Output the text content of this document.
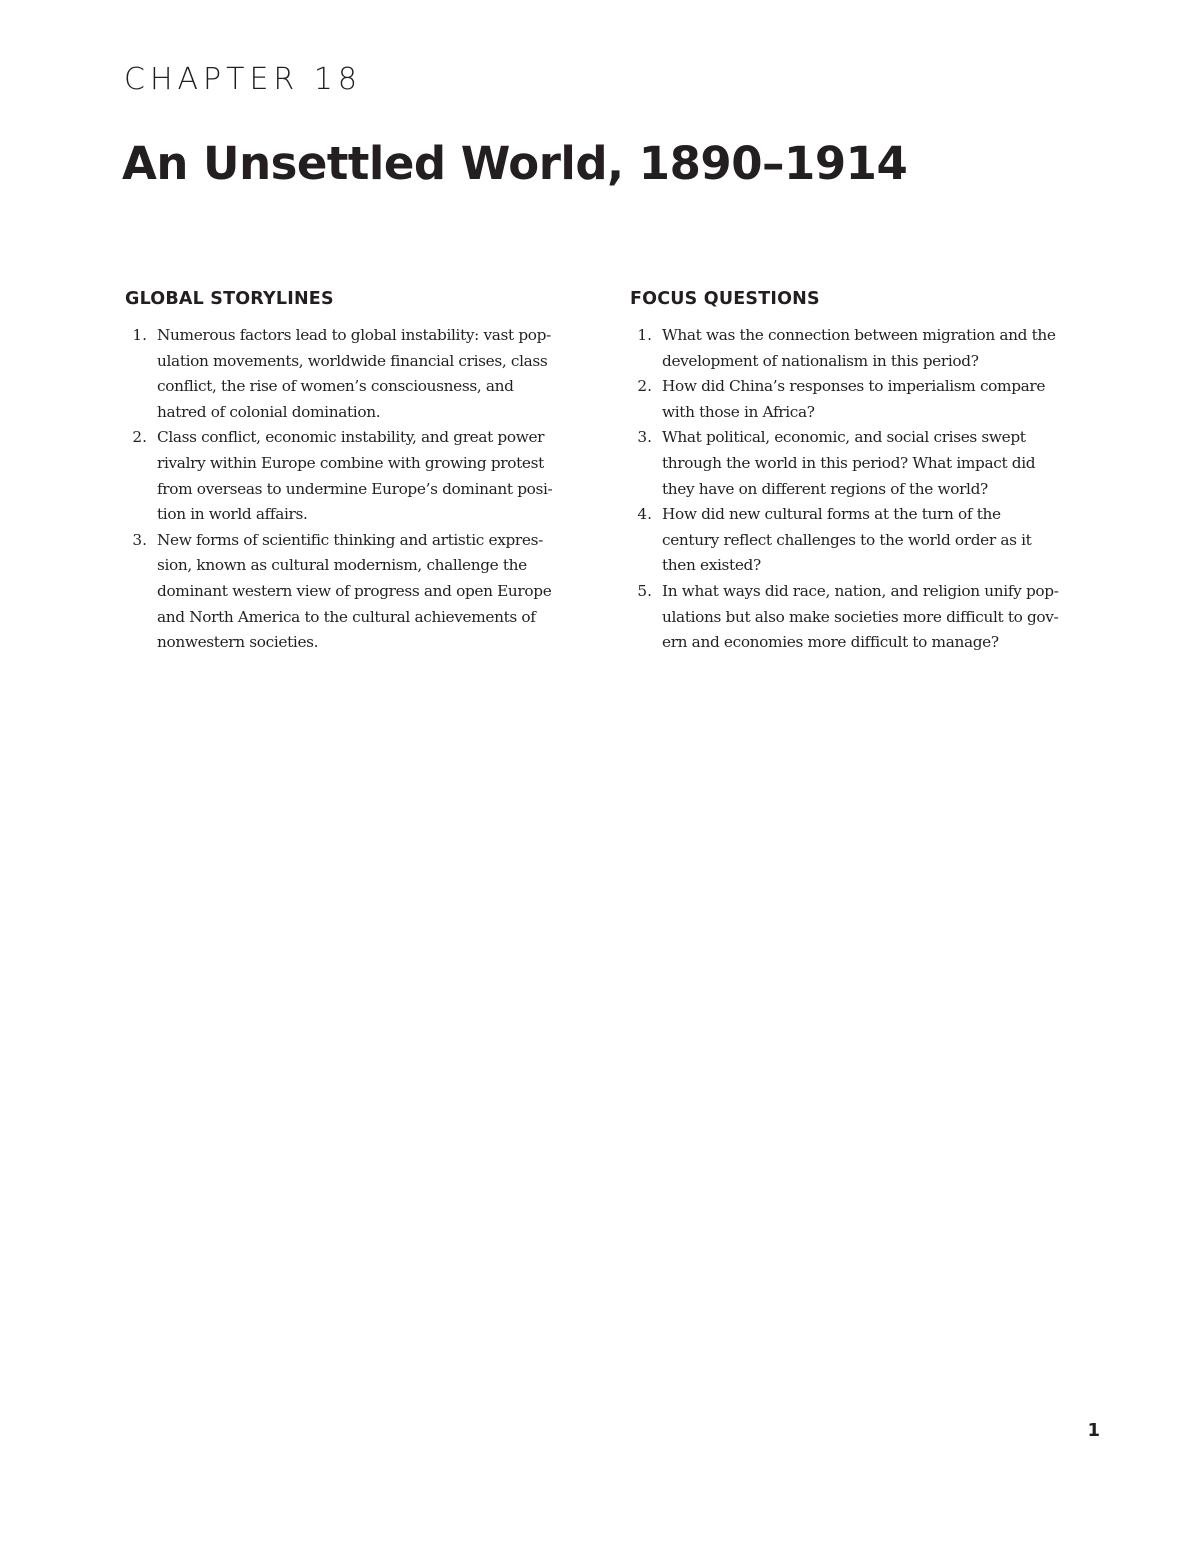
CHAPTER 18

An Unsettled World, 1890–1914
GLOBAL STORYLINES
1. Numerous factors lead to global instability: vast pop-
ulation movements, worldwide financial crises, class
conflict, the rise of women’s consciousness, and
hatred of colonial domination.
2. Class conflict, economic instability, and great power
rivalry within Europe combine with growing protest
from overseas to undermine Europe’s dominant posi-
tion in world affairs.
3. New forms of scientific thinking and artistic expres-
sion, known as cultural modernism, challenge the
dominant western view of progress and open Europe
and North America to the cultural achievements of
nonwestern societies.
FOCUS QUESTIONS
1. What was the connection between migration and the
development of nationalism in this period?
2. How did China’s responses to imperialism compare
with those in Africa?
3. What political, economic, and social crises swept
through the world in this period? What impact did
they have on different regions of the world?
4. How did new cultural forms at the turn of the
century reflect challenges to the world order as it
then existed?
5. In what ways did race, nation, and religion unify pop-
ulations but also make societies more difficult to gov-
ern and economies more difficult to manage?

1
